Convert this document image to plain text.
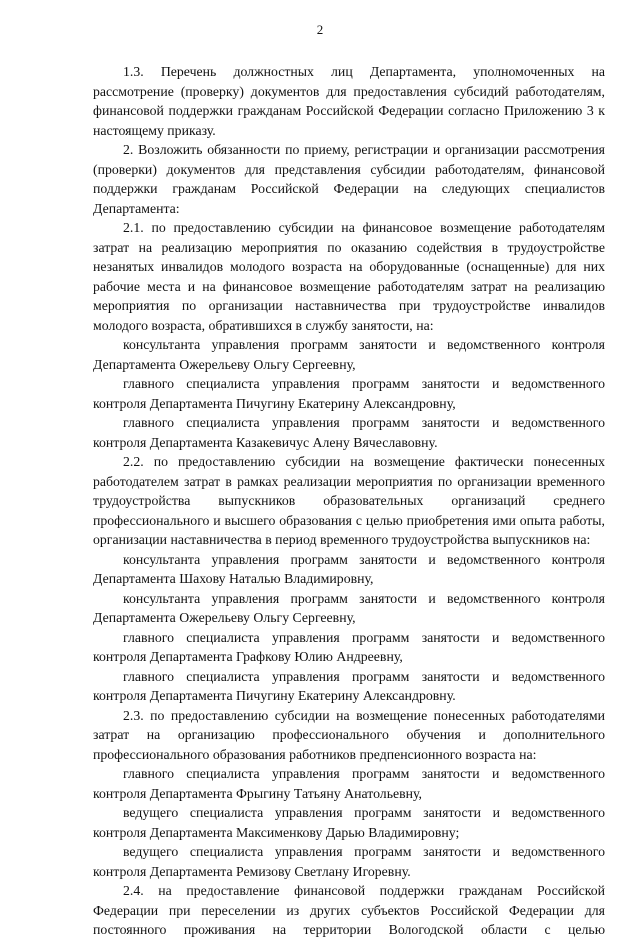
2

1.3. Перечень должностных лиц Департамента, уполномоченных на рассмотрение (проверку) документов для предоставления субсидий работодателям, финансовой поддержки гражданам Российской Федерации согласно Приложению 3 к настоящему приказу.

2. Возложить обязанности по приему, регистрации и организации рассмотрения (проверки) документов для представления субсидии работодателям, финансовой поддержки гражданам Российской Федерации на следующих специалистов Департамента:

2.1. по предоставлению субсидии на финансовое возмещение работодателям затрат на реализацию мероприятия по оказанию содействия в трудоустройстве незанятых инвалидов молодого возраста на оборудованные (оснащенные) для них рабочие места и на финансовое возмещение работодателям затрат на реализацию мероприятия по организации наставничества при трудоустройстве инвалидов молодого возраста, обратившихся в службу занятости, на:

консультанта управления программ занятости и ведомственного контроля Департамента Ожерельеву Ольгу Сергеевну,

главного специалиста управления программ занятости и ведомственного контроля Департамента Пичугину Екатерину Александровну,

главного специалиста управления программ занятости и ведомственного контроля Департамента Казакевичус Алену Вячеславовну.

2.2. по предоставлению субсидии на возмещение фактически понесенных работодателем затрат в рамках реализации мероприятия по организации временного трудоустройства выпускников образовательных организаций среднего профессионального и высшего образования с целью приобретения ими опыта работы, организации наставничества в период временного трудоустройства выпускников на:

консультанта управления программ занятости и ведомственного контроля Департамента Шахову Наталью Владимировну,

консультанта управления программ занятости и ведомственного контроля Департамента Ожерельеву Ольгу Сергеевну,

главного специалиста управления программ занятости и ведомственного контроля Департамента Графкову Юлию Андреевну,

главного специалиста управления программ занятости и ведомственного контроля Департамента Пичугину Екатерину Александровну.

2.3. по предоставлению субсидии на возмещение понесенных работодателями затрат на организацию профессионального обучения и дополнительного профессионального образования работников предпенсионного возраста на:

главного специалиста управления программ занятости и ведомственного контроля Департамента Фрыгину Татьяну Анатольевну,

ведущего специалиста управления программ занятости и ведомственного контроля Департамента Максименкову Дарью Владимировну;

ведущего специалиста управления программ занятости и ведомственного контроля Департамента Ремизову Светлану Игоревну.

2.4. на предоставление финансовой поддержки гражданам Российской Федерации при переселении из других субъектов Российской Федерации для постоянного проживания на территории Вологодской области с целью
